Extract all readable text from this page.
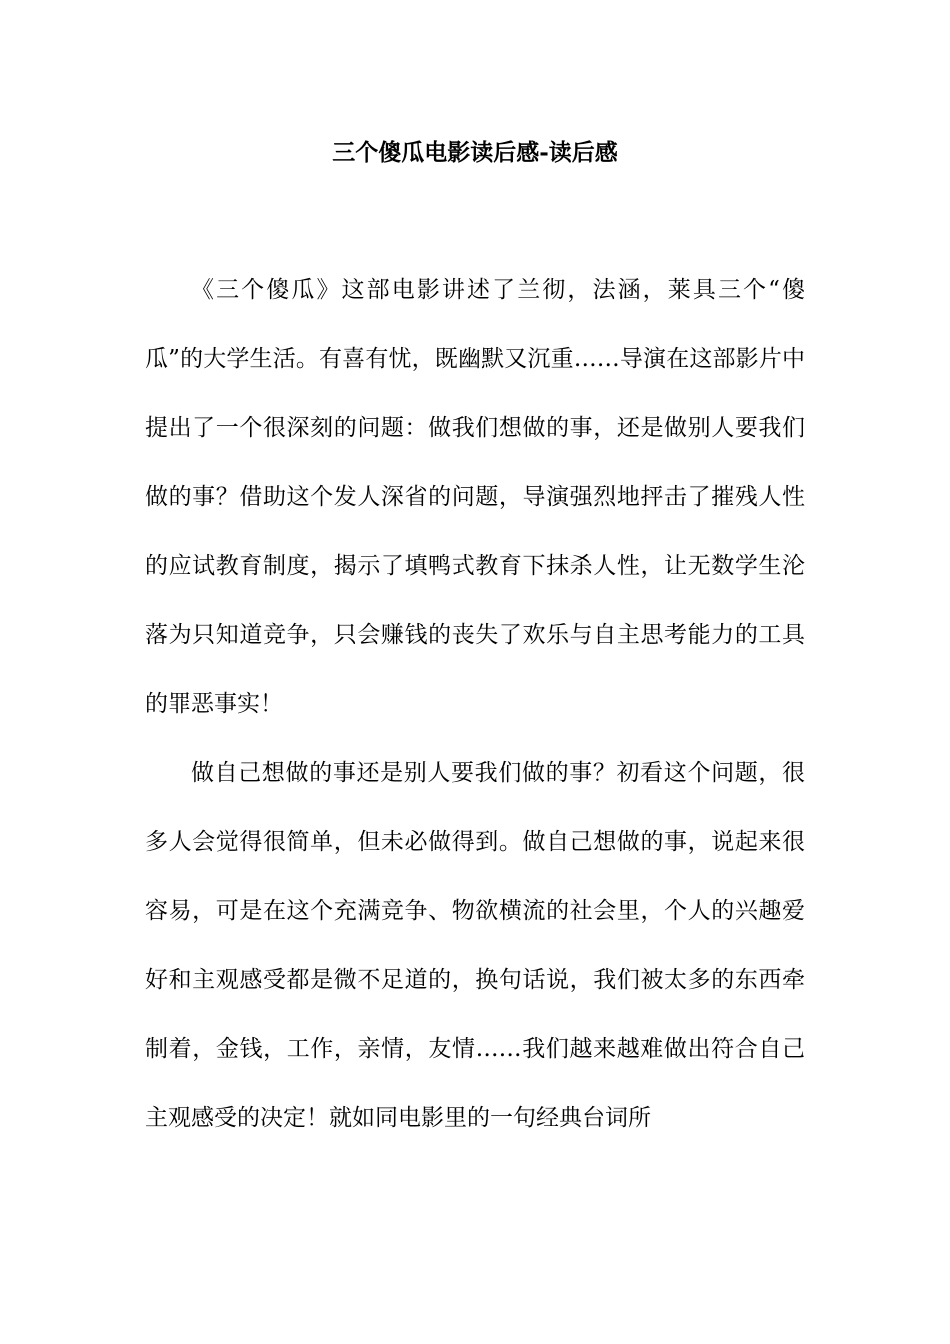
三个傻瓜电影读后感-读后感

《三个傻瓜》这部电影讲述了兰彻，法涵，莱具三个“傻瓜”的大学生活。有喜有忧，既幽默又沉重……导演在这部影片中提出了一个很深刻的问题：做我们想做的事，还是做别人要我们做的事？借助这个发人深省的问题，导演强烈地抨击了摧残人性的应试教育制度，揭示了填鸭式教育下抹杀人性，让无数学生沦落为只知道竞争，只会赚钱的丧失了欢乐与自主思考能力的工具的罪恶事实！

做自己想做的事还是别人要我们做的事？初看这个问题，很多人会觉得很简单，但未必做得到。做自己想做的事，说起来很容易，可是在这个充满竞争、物欲横流的社会里，个人的兴趣爱好和主观感受都是微不足道的，换句话说，我们被太多的东西牵制着，金钱，工作，亲情，友情……我们越来越难做出符合自己主观感受的决定！就如同电影里的一句经典台词所
